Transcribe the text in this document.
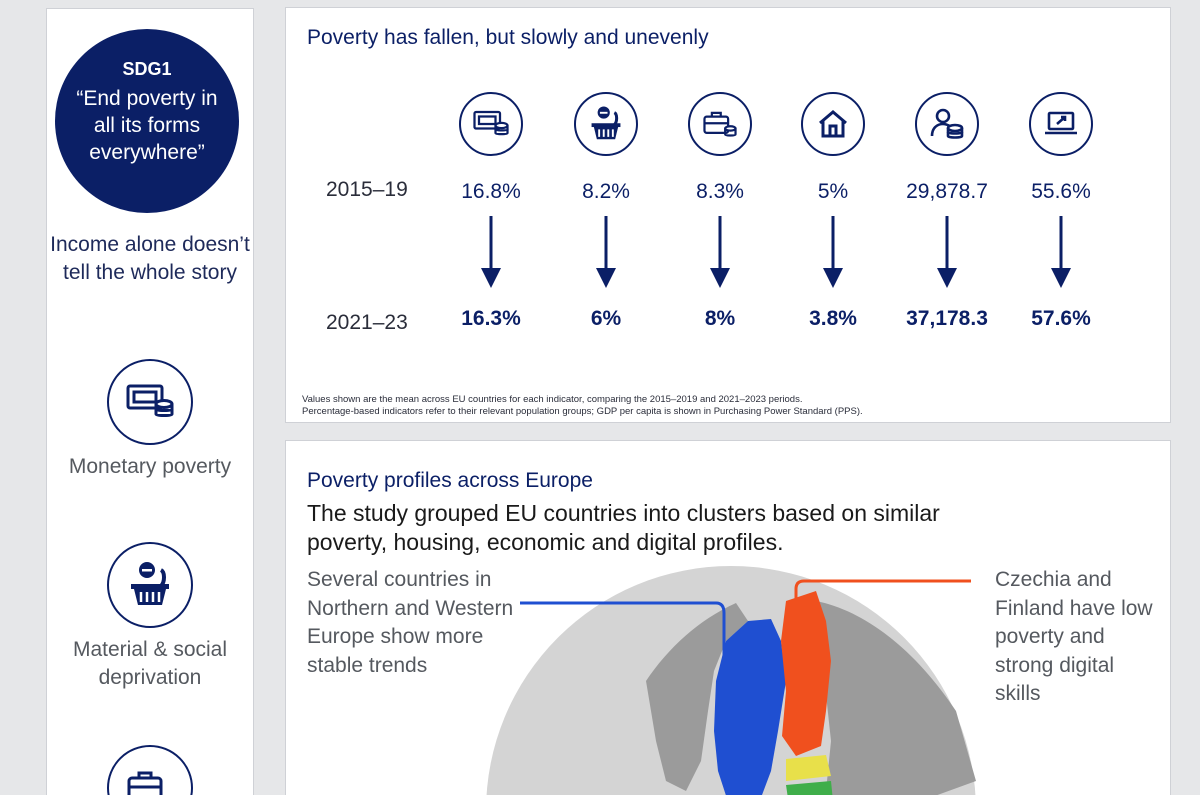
SDG1
“End poverty in all its forms everywhere”
Income alone doesn’t tell the whole story
Monetary poverty
Material & social deprivation
Poverty has fallen, but slowly and unevenly
2015–19
2021–23
16.8%
16.3%
8.2%
6%
8.3%
8%
5%
3.8%
29,878.7
37,178.3
55.6%
57.6%
Values shown are the mean across EU countries for each indicator, comparing the 2015–2019 and 2021–2023 periods.
Percentage-based indicators refer to their relevant population groups; GDP per capita is shown in Purchasing Power Standard (PPS).
Poverty profiles across Europe
The study grouped EU countries into clusters based on similar poverty, housing, economic and digital profiles.
Several countries in Northern and Western Europe show more stable trends
Czechia and Finland have low poverty and strong digital skills
